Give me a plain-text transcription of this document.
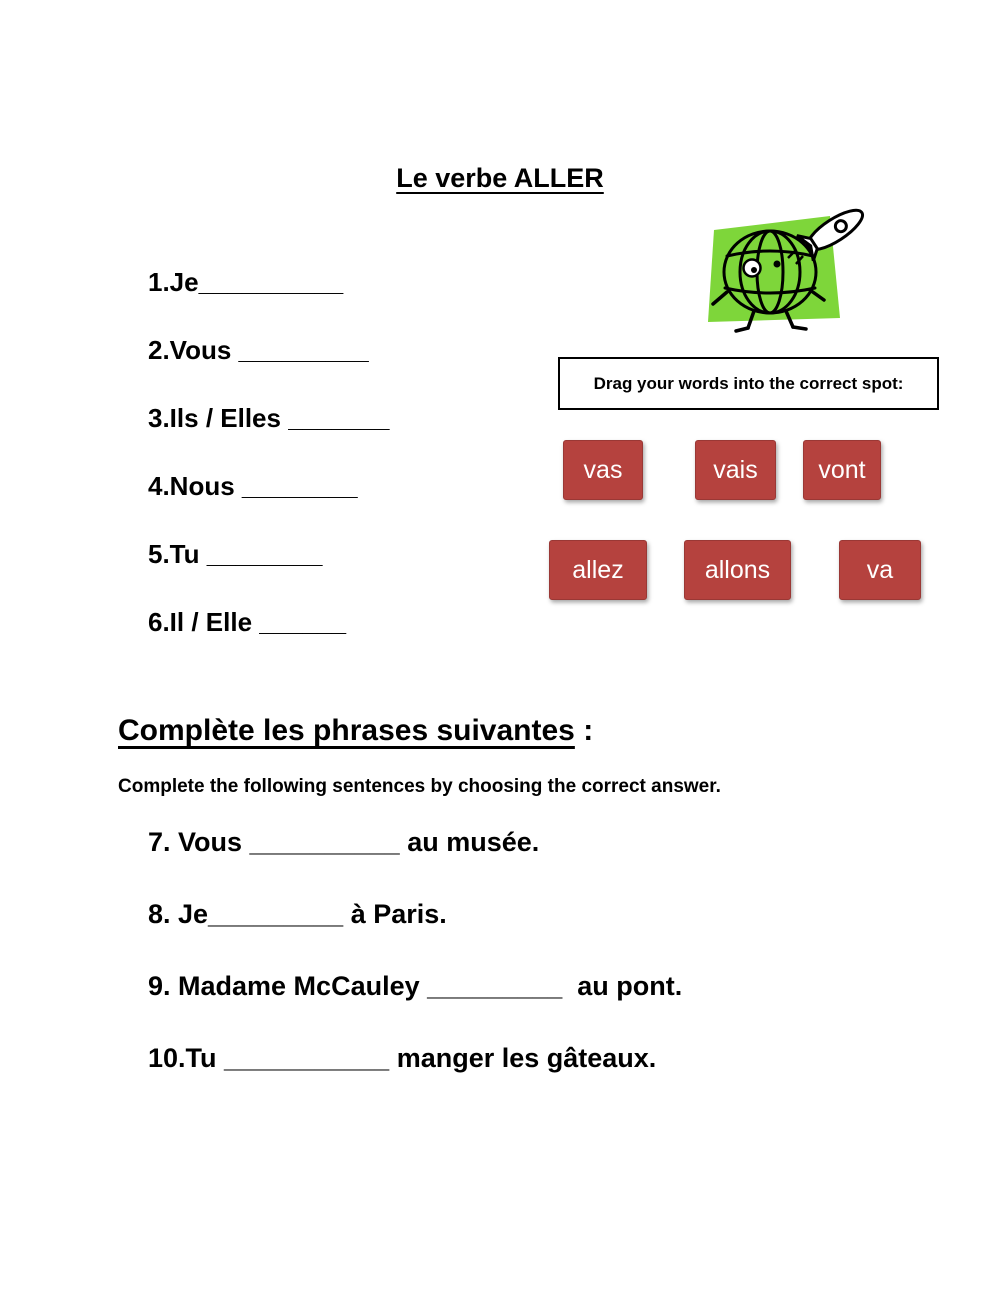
Le verbe ALLER
1.Je__________
2.Vous _________
3.Ils / Elles _______
4.Nous ________
5.Tu ________
6.Il / Elle ______
Drag your words into the correct spot:
vas	vais	vont
allez	allons	va
Complète les phrases suivantes :

Complete the following sentences by choosing the correct answer.

7. Vous __________ au musée.
8. Je_________ à Paris.
9. Madame McCauley _________  au pont.
10.Tu ___________ manger les gâteaux.
